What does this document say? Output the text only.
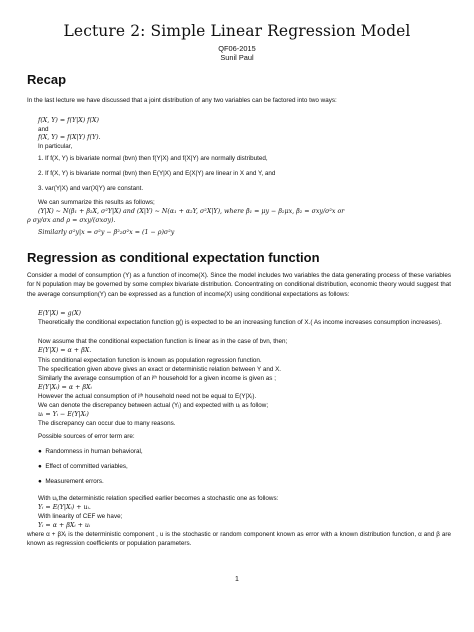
Lecture 2: Simple Linear Regression Model
QF06-2015
Sunil Paul
Recap
In the last lecture we have discussed that a joint distribution of any two variables can be factored into two ways:
f(X, Y) = f(Y|X) f(X)
and
f(X, Y) = f(X|Y) f(Y).
In particular,
1. If f(X, Y) is bivariate normal (bvn) then f(Y|X) and f(X|Y) are normally distributed,
2. If f(X, Y) is bivariate normal (bvn) then E(Y|X) and E(X|Y) are linear in X and Y, and
3. var(Y|X) and var(X|Y) are constant.
We can summarize this results as follows;
(Y|X) ~ N(β₁ + β₂X, σ²Y|X) and (X|Y) ~ N(α₁ + α₂Y, σ²X|Y), where β₁ = μy − β₂μx, β₂ = σxy/σ²x or
ρ σy/σx and ρ = σxy/(σxσy).
Similarly σ²y|x = σ²y − β²₂σ²x = (1 − ρ)σ²y
Regression as conditional expectation function
Consider a model of consumption (Y) as a function of income(X). Since the model includes two variables the data generating process of these variables for N population may be governed by some complex bivariate distribution. Concentrating on conditional distribution, economic theory would suggest that the average consumption(Y) can be expressed as a function of income(X) using conditional expectations as follows:
E(Y|X) = g(X)
Theoretically the conditional expectation function g() is expected to be an increasing function of X.( As income increases consumption increases).
Now assume that the conditional expectation function is linear as in the case of bvn, then;
E(Y|X) = α + βX.
This conditional expectation function is known as population regression function.
The specification given above gives an exact or deterministic relation between Y and X.
Similarly the average consumption of an iᵗʰ household for a given income is given as ;
E(Y|Xᵢ) = α + βXᵢ
However the actual consumption of iᵗʰ household need not be equal to E(Y|Xᵢ).
We can denote the discrepancy between actual (Yᵢ) and expected with uᵢ as follow;
uᵢ = Yᵢ − E(Y|Xᵢ)
The discrepancy can occur due to many reasons.
Possible sources of error term are:
● Randomness in human behavioral,
● Effect of committed variables,
● Measurement errors.
With uᵢ,the deterministic relation specified earlier becomes a stochastic one as follows:
Yᵢ = E(Y|Xᵢ) + uᵢ.
With linearity of CEF we have;
Yᵢ = α + βXᵢ + uᵢ
where α + βXᵢ is the deterministic component , u is the stochastic or random component known as error with a known distribution function, α and β are known as regression coefficients or population parameters.
1
